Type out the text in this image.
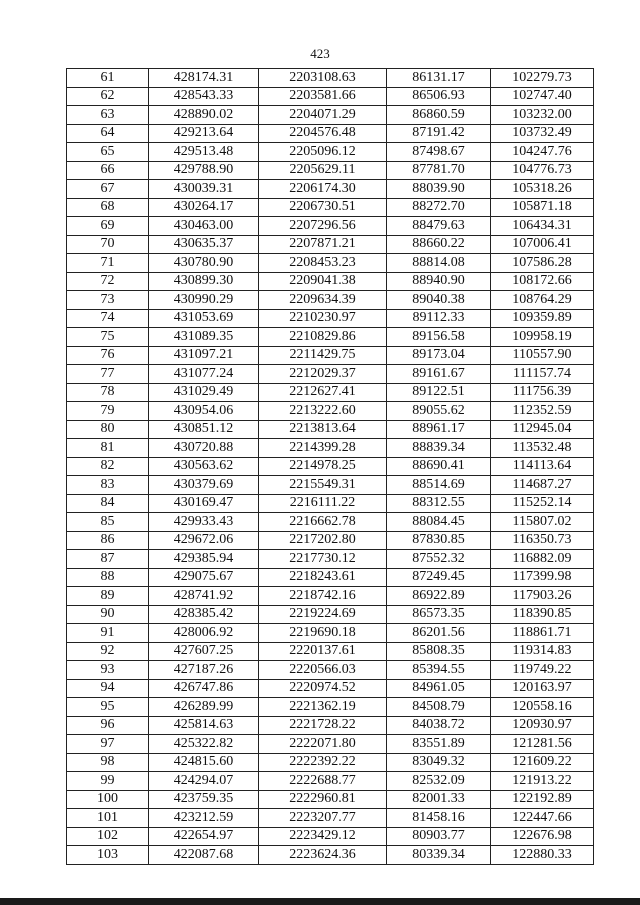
423
61	428174.31	2203108.63	86131.17	102279.73
62	428543.33	2203581.66	86506.93	102747.40
63	428890.02	2204071.29	86860.59	103232.00
64	429213.64	2204576.48	87191.42	103732.49
65	429513.48	2205096.12	87498.67	104247.76
66	429788.90	2205629.11	87781.70	104776.73
67	430039.31	2206174.30	88039.90	105318.26
68	430264.17	2206730.51	88272.70	105871.18
69	430463.00	2207296.56	88479.63	106434.31
70	430635.37	2207871.21	88660.22	107006.41
71	430780.90	2208453.23	88814.08	107586.28
72	430899.30	2209041.38	88940.90	108172.66
73	430990.29	2209634.39	89040.38	108764.29
74	431053.69	2210230.97	89112.33	109359.89
75	431089.35	2210829.86	89156.58	109958.19
76	431097.21	2211429.75	89173.04	110557.90
77	431077.24	2212029.37	89161.67	111157.74
78	431029.49	2212627.41	89122.51	111756.39
79	430954.06	2213222.60	89055.62	112352.59
80	430851.12	2213813.64	88961.17	112945.04
81	430720.88	2214399.28	88839.34	113532.48
82	430563.62	2214978.25	88690.41	114113.64
83	430379.69	2215549.31	88514.69	114687.27
84	430169.47	2216111.22	88312.55	115252.14
85	429933.43	2216662.78	88084.45	115807.02
86	429672.06	2217202.80	87830.85	116350.73
87	429385.94	2217730.12	87552.32	116882.09
88	429075.67	2218243.61	87249.45	117399.98
89	428741.92	2218742.16	86922.89	117903.26
90	428385.42	2219224.69	86573.35	118390.85
91	428006.92	2219690.18	86201.56	118861.71
92	427607.25	2220137.61	85808.35	119314.83
93	427187.26	2220566.03	85394.55	119749.22
94	426747.86	2220974.52	84961.05	120163.97
95	426289.99	2221362.19	84508.79	120558.16
96	425814.63	2221728.22	84038.72	120930.97
97	425322.82	2222071.80	83551.89	121281.56
98	424815.60	2222392.22	83049.32	121609.22
99	424294.07	2222688.77	82532.09	121913.22
100	423759.35	2222960.81	82001.33	122192.89
101	423212.59	2223207.77	81458.16	122447.66
102	422654.97	2223429.12	80903.77	122676.98
103	422087.68	2223624.36	80339.34	122880.33
